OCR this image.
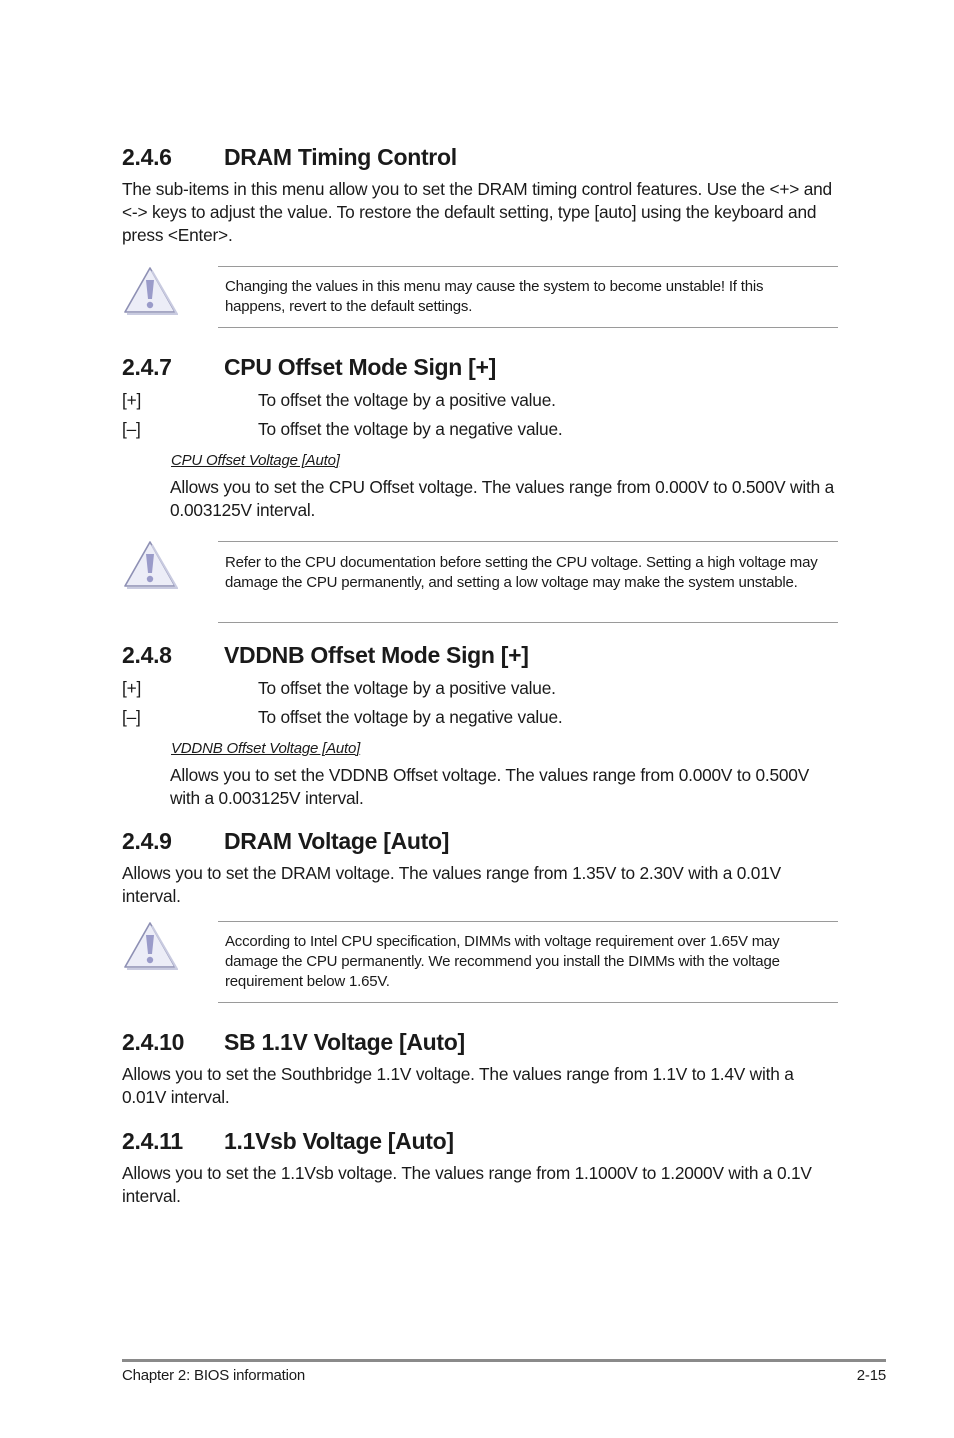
2.4.6 DRAM Timing Control
The sub-items in this menu allow you to set the DRAM timing control features. Use the <+> and <-> keys to adjust the value. To restore the default setting, type [auto] using the keyboard and press <Enter>.
Changing the values in this menu may cause the system to become unstable! If this happens, revert to the default settings.
2.4.7 CPU Offset Mode Sign [+]
[+]	To offset the voltage by a positive value.
[–]	To offset the voltage by a negative value.
CPU Offset Voltage [Auto]
Allows you to set the CPU Offset voltage. The values range from 0.000V to 0.500V with a 0.003125V interval.
Refer to the CPU documentation before setting the CPU voltage. Setting a high voltage may damage the CPU permanently, and setting a low voltage may make the system unstable.
2.4.8 VDDNB Offset Mode Sign [+]
[+]	To offset the voltage by a positive value.
[–]	To offset the voltage by a negative value.
VDDNB Offset Voltage [Auto]
Allows you to set the VDDNB Offset voltage. The values range from 0.000V to 0.500V with a 0.003125V interval.
2.4.9 DRAM Voltage [Auto]
Allows you to set the DRAM voltage. The values range from 1.35V to 2.30V with a 0.01V interval.
According to Intel CPU specification, DIMMs with voltage requirement over 1.65V may damage the CPU permanently. We recommend you install the DIMMs with the voltage requirement below 1.65V.
2.4.10 SB 1.1V Voltage [Auto]
Allows you to set the Southbridge 1.1V voltage. The values range from 1.1V to 1.4V with a 0.01V interval.
2.4.11 1.1Vsb Voltage [Auto]
Allows you to set the 1.1Vsb voltage. The values range from 1.1000V to 1.2000V with a 0.1V interval.
Chapter 2: BIOS information	2-15
